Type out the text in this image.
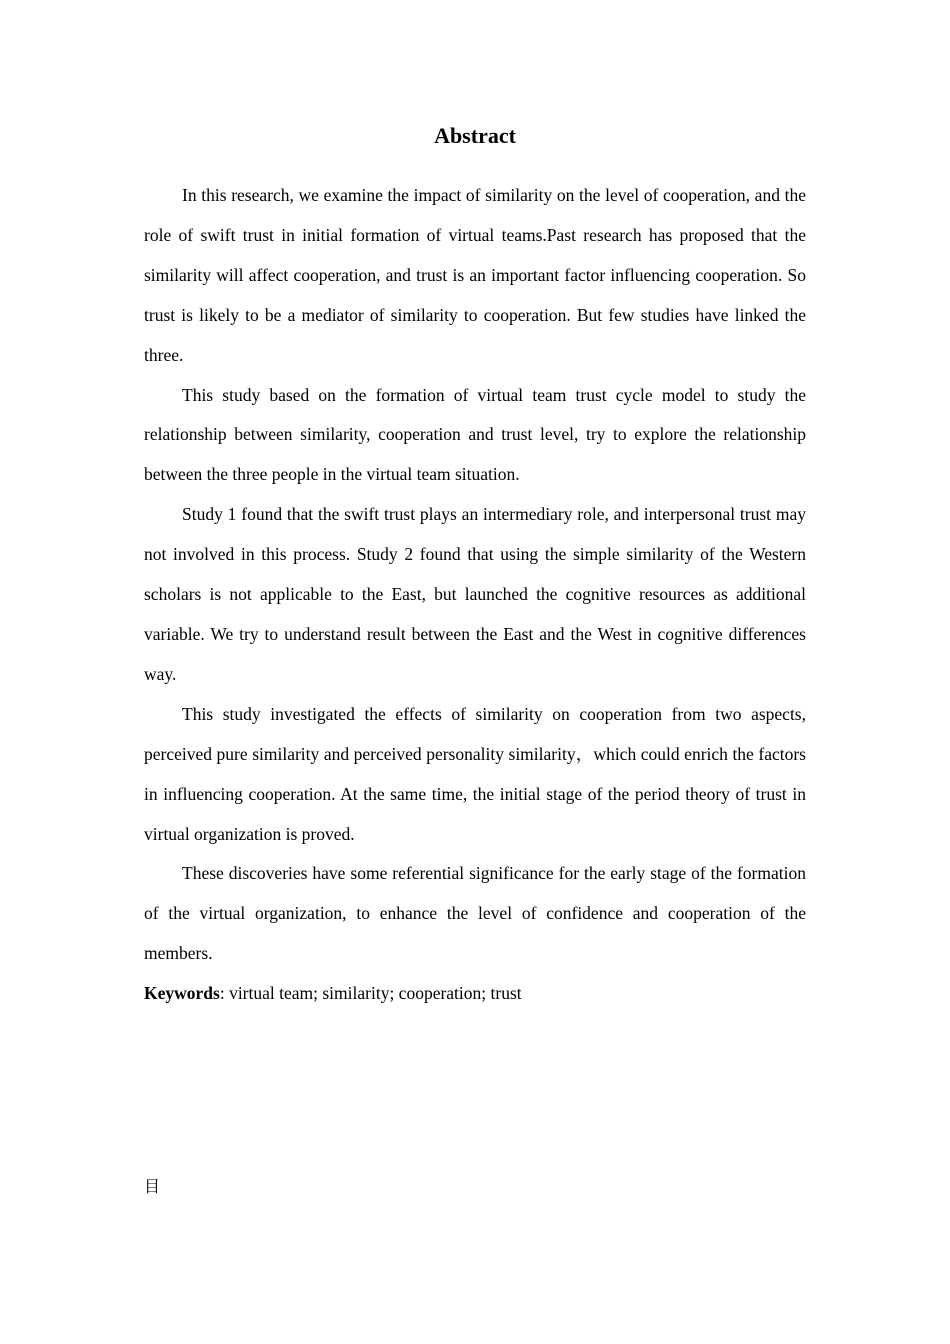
Abstract

In this research, we examine the impact of similarity on the level of cooperation, and the role of swift trust in initial formation of virtual teams.Past research has proposed that the similarity will affect cooperation, and trust is an important factor influencing cooperation. So trust is likely to be a mediator of similarity to cooperation. But few studies have linked the three.

This study based on the formation of virtual team trust cycle model to study the relationship between similarity, cooperation and trust level, try to explore the relationship between the three people in the virtual team situation.

Study 1 found that the swift trust plays an intermediary role, and interpersonal trust may not involved in this process. Study 2 found that using the simple similarity of the Western scholars is not applicable to the East, but launched the cognitive resources as additional variable. We try to understand result between the East and the West in cognitive differences way.

This study investigated the effects of similarity on cooperation from two aspects, perceived pure similarity and perceived personality similarity，which could enrich the factors in influencing cooperation. At the same time, the initial stage of the period theory of trust in virtual organization is proved.

These discoveries have some referential significance for the early stage of the formation of the virtual organization, to enhance the level of confidence and cooperation of the members.

Keywords: virtual team; similarity; cooperation; trust

目
